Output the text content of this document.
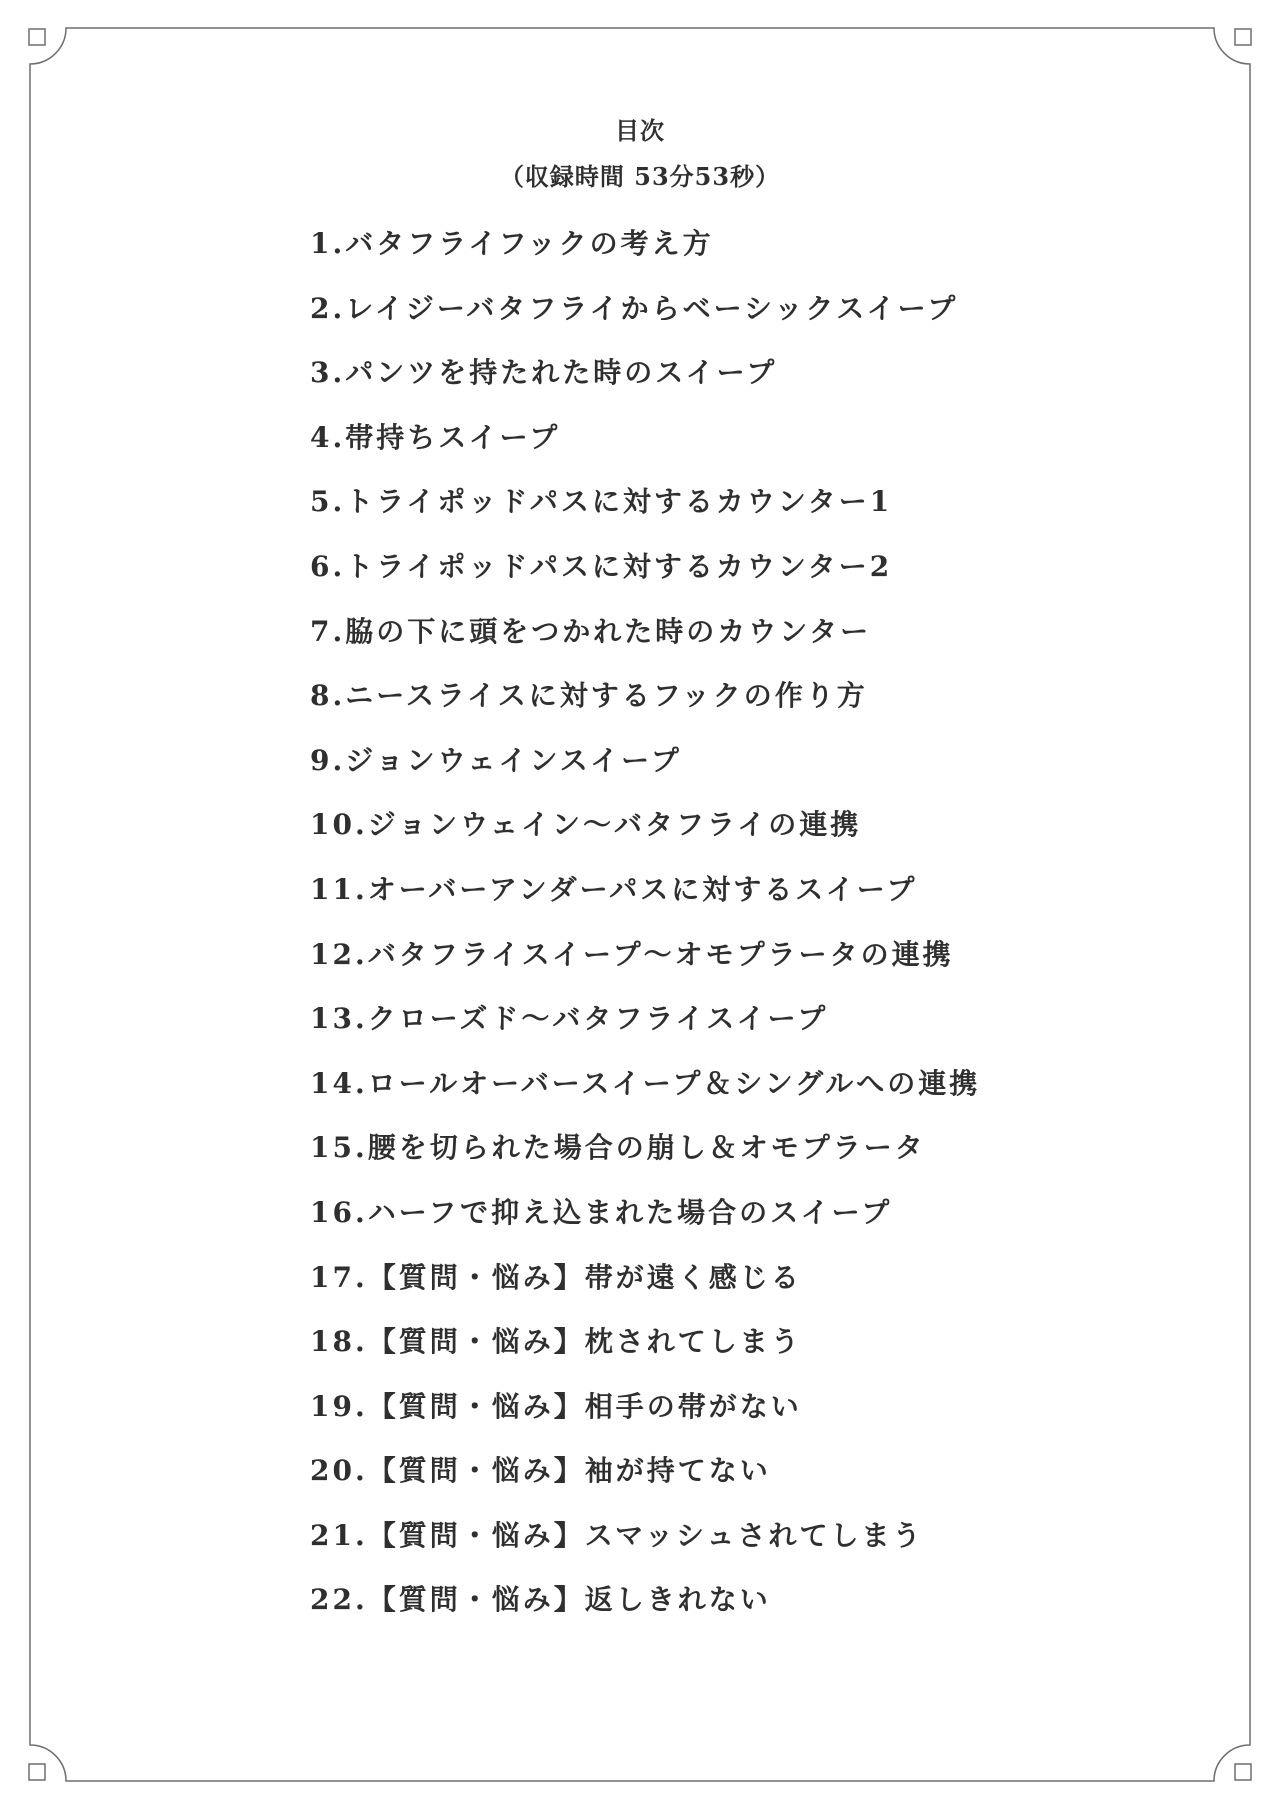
目次
（収録時間 53分53秒）
1.バタフライフックの考え方
2.レイジーバタフライからベーシックスイープ
3.パンツを持たれた時のスイープ
4.帯持ちスイープ
5.トライポッドパスに対するカウンター1
6.トライポッドパスに対するカウンター2
7.脇の下に頭をつかれた時のカウンター
8.ニースライスに対するフックの作り方
9.ジョンウェインスイープ
10.ジョンウェイン～バタフライの連携
11.オーバーアンダーパスに対するスイープ
12.バタフライスイープ～オモプラータの連携
13.クローズド～バタフライスイープ
14.ロールオーバースイープ＆シングルへの連携
15.腰を切られた場合の崩し＆オモプラータ
16.ハーフで抑え込まれた場合のスイープ
17.【質問・悩み】帯が遠く感じる
18.【質問・悩み】枕されてしまう
19.【質問・悩み】相手の帯がない
20.【質問・悩み】袖が持てない
21.【質問・悩み】スマッシュされてしまう
22.【質問・悩み】返しきれない
